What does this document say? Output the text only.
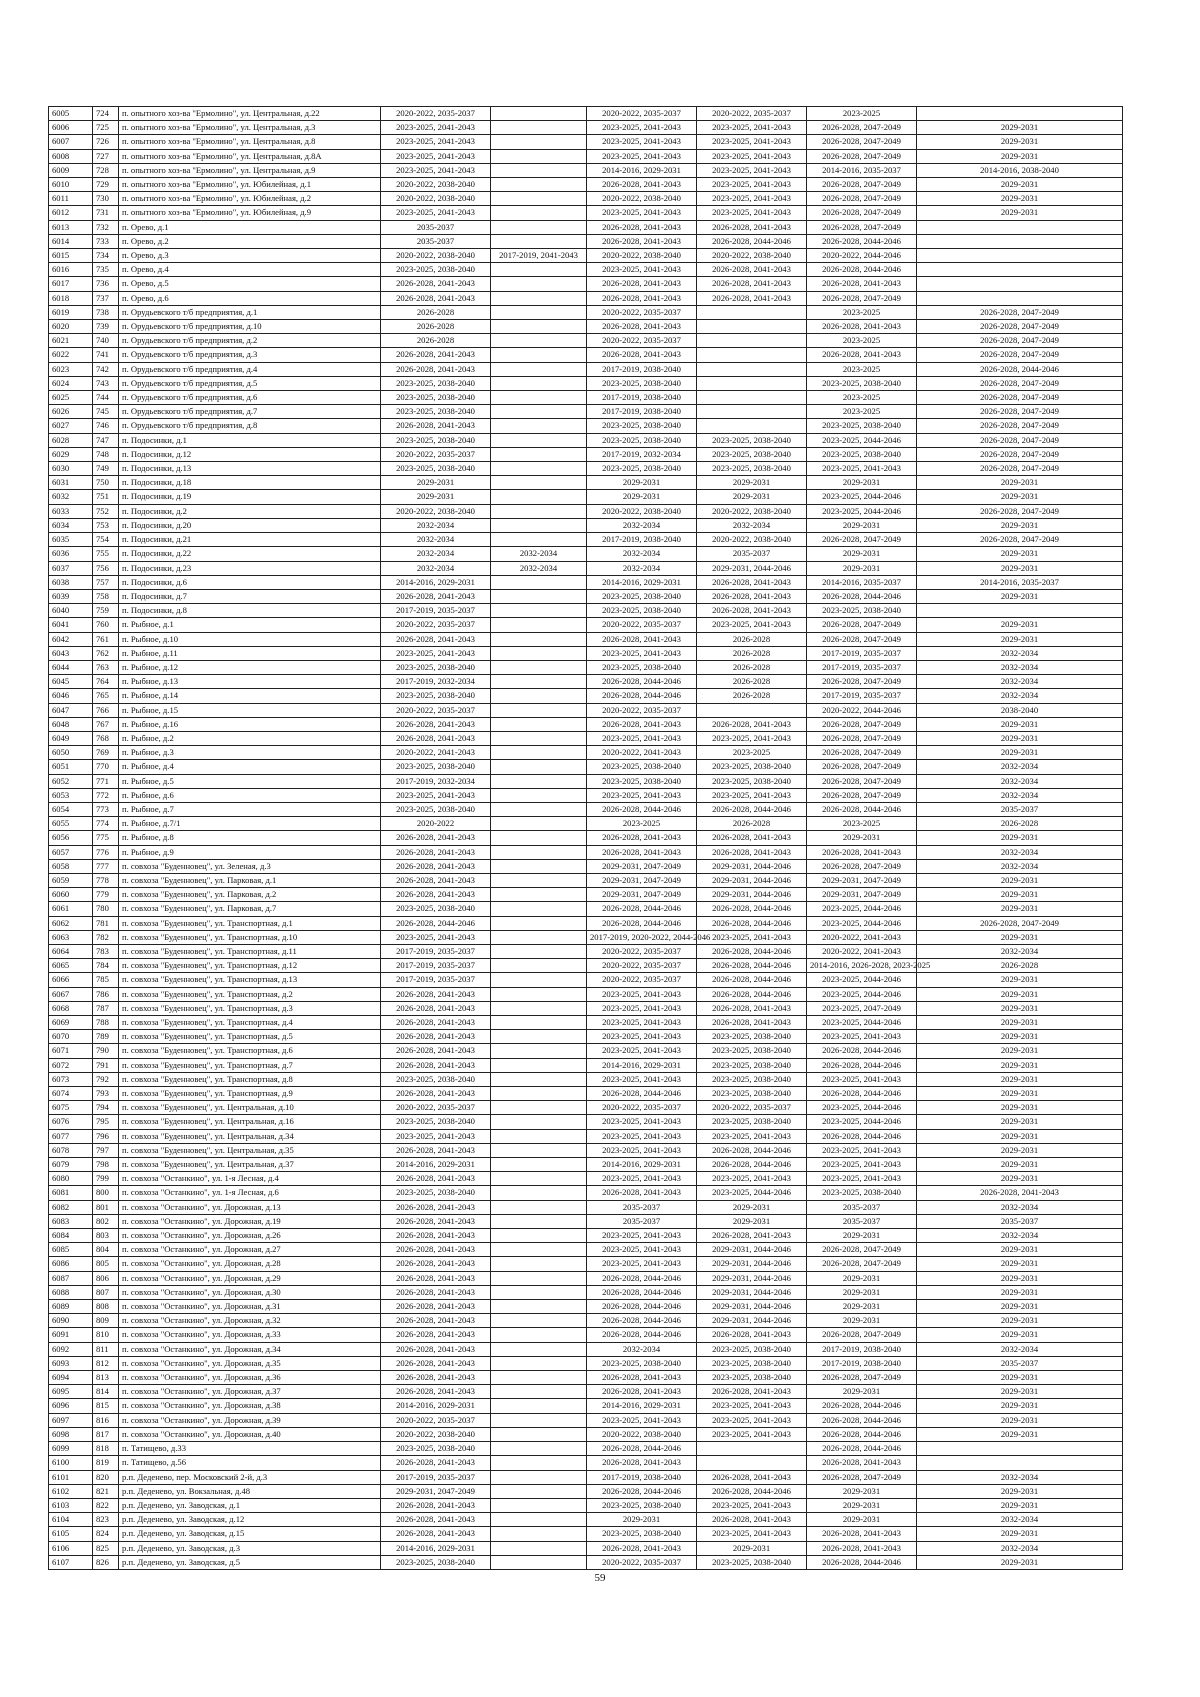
6005	724	п. опытного хоз-ва "Ермолино", ул. Центральная, д.22	2020-2022, 2035-2037		2020-2022, 2035-2037	2020-2022, 2035-2037	2023-2025	
6006	725	п. опытного хоз-ва "Ермолино", ул. Центральная, д.3	2023-2025, 2041-2043		2023-2025, 2041-2043	2023-2025, 2041-2043	2026-2028, 2047-2049	2029-2031
6007	726	п. опытного хоз-ва "Ермолино", ул. Центральная, д.8	2023-2025, 2041-2043		2023-2025, 2041-2043	2023-2025, 2041-2043	2026-2028, 2047-2049	2029-2031
6008	727	п. опытного хоз-ва "Ермолино", ул. Центральная, д.8А	2023-2025, 2041-2043		2023-2025, 2041-2043	2023-2025, 2041-2043	2026-2028, 2047-2049	2029-2031
6009	728	п. опытного хоз-ва "Ермолино", ул. Центральная, д.9	2023-2025, 2041-2043		2014-2016, 2029-2031	2023-2025, 2041-2043	2014-2016, 2035-2037	2014-2016, 2038-2040
6010	729	п. опытного хоз-ва "Ермолино", ул. Юбилейная, д.1	2020-2022, 2038-2040		2026-2028, 2041-2043	2023-2025, 2041-2043	2026-2028, 2047-2049	2029-2031
6011	730	п. опытного хоз-ва "Ермолино", ул. Юбилейная, д.2	2020-2022, 2038-2040		2020-2022, 2038-2040	2023-2025, 2041-2043	2026-2028, 2047-2049	2029-2031
6012	731	п. опытного хоз-ва "Ермолино", ул. Юбилейная, д.9	2023-2025, 2041-2043		2023-2025, 2041-2043	2023-2025, 2041-2043	2026-2028, 2047-2049	2029-2031
6013	732	п. Орево, д.1	2035-2037		2026-2028, 2041-2043	2026-2028, 2041-2043	2026-2028, 2047-2049	
6014	733	п. Орево, д.2	2035-2037		2026-2028, 2041-2043	2026-2028, 2044-2046	2026-2028, 2044-2046	
6015	734	п. Орево, д.3	2020-2022, 2038-2040	2017-2019, 2041-2043	2020-2022, 2038-2040	2020-2022, 2038-2040	2020-2022, 2044-2046	
6016	735	п. Орево, д.4	2023-2025, 2038-2040		2023-2025, 2041-2043	2026-2028, 2041-2043	2026-2028, 2044-2046	
6017	736	п. Орево, д.5	2026-2028, 2041-2043		2026-2028, 2041-2043	2026-2028, 2041-2043	2026-2028, 2041-2043	
6018	737	п. Орево, д.6	2026-2028, 2041-2043		2026-2028, 2041-2043	2026-2028, 2041-2043	2026-2028, 2047-2049	
6019	738	п. Орудьевского т/б предприятия, д.1	2026-2028		2020-2022, 2035-2037		2023-2025	2026-2028, 2047-2049
6020	739	п. Орудьевского т/б предприятия, д.10	2026-2028		2026-2028, 2041-2043		2026-2028, 2041-2043	2026-2028, 2047-2049
6021	740	п. Орудьевского т/б предприятия, д.2	2026-2028		2020-2022, 2035-2037		2023-2025	2026-2028, 2047-2049
6022	741	п. Орудьевского т/б предприятия, д.3	2026-2028, 2041-2043		2026-2028, 2041-2043		2026-2028, 2041-2043	2026-2028, 2047-2049
6023	742	п. Орудьевского т/б предприятия, д.4	2026-2028, 2041-2043		2017-2019, 2038-2040		2023-2025	2026-2028, 2044-2046
6024	743	п. Орудьевского т/б предприятия, д.5	2023-2025, 2038-2040		2023-2025, 2038-2040		2023-2025, 2038-2040	2026-2028, 2047-2049
6025	744	п. Орудьевского т/б предприятия, д.6	2023-2025, 2038-2040		2017-2019, 2038-2040		2023-2025	2026-2028, 2047-2049
6026	745	п. Орудьевского т/б предприятия, д.7	2023-2025, 2038-2040		2017-2019, 2038-2040		2023-2025	2026-2028, 2047-2049
6027	746	п. Орудьевского т/б предприятия, д.8	2026-2028, 2041-2043		2023-2025, 2038-2040		2023-2025, 2038-2040	2026-2028, 2047-2049
6028	747	п. Подосинки, д.1	2023-2025, 2038-2040		2023-2025, 2038-2040	2023-2025, 2038-2040	2023-2025, 2044-2046	2026-2028, 2047-2049
6029	748	п. Подосинки, д.12	2020-2022, 2035-2037		2017-2019, 2032-2034	2023-2025, 2038-2040	2023-2025, 2038-2040	2026-2028, 2047-2049
6030	749	п. Подосинки, д.13	2023-2025, 2038-2040		2023-2025, 2038-2040	2023-2025, 2038-2040	2023-2025, 2041-2043	2026-2028, 2047-2049
6031	750	п. Подосинки, д.18	2029-2031		2029-2031	2029-2031	2029-2031	2029-2031
6032	751	п. Подосинки, д.19	2029-2031		2029-2031	2029-2031	2023-2025, 2044-2046	2029-2031
6033	752	п. Подосинки, д.2	2020-2022, 2038-2040		2020-2022, 2038-2040	2020-2022, 2038-2040	2023-2025, 2044-2046	2026-2028, 2047-2049
6034	753	п. Подосинки, д.20	2032-2034		2032-2034	2032-2034	2029-2031	2029-2031
6035	754	п. Подосинки, д.21	2032-2034		2017-2019, 2038-2040	2020-2022, 2038-2040	2026-2028, 2047-2049	2026-2028, 2047-2049
6036	755	п. Подосинки, д.22	2032-2034	2032-2034	2032-2034	2035-2037	2029-2031	2029-2031
6037	756	п. Подосинки, д.23	2032-2034	2032-2034	2032-2034	2029-2031, 2044-2046	2029-2031	2029-2031
6038	757	п. Подосинки, д.6	2014-2016, 2029-2031		2014-2016, 2029-2031	2026-2028, 2041-2043	2014-2016, 2035-2037	2014-2016, 2035-2037
6039	758	п. Подосинки, д.7	2026-2028, 2041-2043		2023-2025, 2038-2040	2026-2028, 2041-2043	2026-2028, 2044-2046	2029-2031
6040	759	п. Подосинки, д.8	2017-2019, 2035-2037		2023-2025, 2038-2040	2026-2028, 2041-2043	2023-2025, 2038-2040	
6041	760	п. Рыбное, д.1	2020-2022, 2035-2037		2020-2022, 2035-2037	2023-2025, 2041-2043	2026-2028, 2047-2049	2029-2031
6042	761	п. Рыбное, д.10	2026-2028, 2041-2043		2026-2028, 2041-2043	2026-2028	2026-2028, 2047-2049	2029-2031
6043	762	п. Рыбное, д.11	2023-2025, 2041-2043		2023-2025, 2041-2043	2026-2028	2017-2019, 2035-2037	2032-2034
6044	763	п. Рыбное, д.12	2023-2025, 2038-2040		2023-2025, 2038-2040	2026-2028	2017-2019, 2035-2037	2032-2034
6045	764	п. Рыбное, д.13	2017-2019, 2032-2034		2026-2028, 2044-2046	2026-2028	2026-2028, 2047-2049	2032-2034
6046	765	п. Рыбное, д.14	2023-2025, 2038-2040		2026-2028, 2044-2046	2026-2028	2017-2019, 2035-2037	2032-2034
6047	766	п. Рыбное, д.15	2020-2022, 2035-2037		2020-2022, 2035-2037		2020-2022, 2044-2046	2038-2040
6048	767	п. Рыбное, д.16	2026-2028, 2041-2043		2026-2028, 2041-2043	2026-2028, 2041-2043	2026-2028, 2047-2049	2029-2031
6049	768	п. Рыбное, д.2	2026-2028, 2041-2043		2023-2025, 2041-2043	2023-2025, 2041-2043	2026-2028, 2047-2049	2029-2031
6050	769	п. Рыбное, д.3	2020-2022, 2041-2043		2020-2022, 2041-2043	2023-2025	2026-2028, 2047-2049	2029-2031
6051	770	п. Рыбное, д.4	2023-2025, 2038-2040		2023-2025, 2038-2040	2023-2025, 2038-2040	2026-2028, 2047-2049	2032-2034
6052	771	п. Рыбное, д.5	2017-2019, 2032-2034		2023-2025, 2038-2040	2023-2025, 2038-2040	2026-2028, 2047-2049	2032-2034
6053	772	п. Рыбное, д.6	2023-2025, 2041-2043		2023-2025, 2041-2043	2023-2025, 2041-2043	2026-2028, 2047-2049	2032-2034
6054	773	п. Рыбное, д.7	2023-2025, 2038-2040		2026-2028, 2044-2046	2026-2028, 2044-2046	2026-2028, 2044-2046	2035-2037
6055	774	п. Рыбное, д.7/1	2020-2022		2023-2025	2026-2028	2023-2025	2026-2028
6056	775	п. Рыбное, д.8	2026-2028, 2041-2043		2026-2028, 2041-2043	2026-2028, 2041-2043	2029-2031	2029-2031
6057	776	п. Рыбное, д.9	2026-2028, 2041-2043		2026-2028, 2041-2043	2026-2028, 2041-2043	2026-2028, 2041-2043	2032-2034
6058	777	п. совхоза "Буденновец", ул. Зеленая, д.3	2026-2028, 2041-2043		2029-2031, 2047-2049	2029-2031, 2044-2046	2026-2028, 2047-2049	2032-2034
6059	778	п. совхоза "Буденновец", ул. Парковая, д.1	2026-2028, 2041-2043		2029-2031, 2047-2049	2029-2031, 2044-2046	2029-2031, 2047-2049	2029-2031
6060	779	п. совхоза "Буденновец", ул. Парковая, д.2	2026-2028, 2041-2043		2029-2031, 2047-2049	2029-2031, 2044-2046	2029-2031, 2047-2049	2029-2031
6061	780	п. совхоза "Буденновец", ул. Парковая, д.7	2023-2025, 2038-2040		2026-2028, 2044-2046	2026-2028, 2044-2046	2023-2025, 2044-2046	2029-2031
6062	781	п. совхоза "Буденновец", ул. Транспортная, д.1	2026-2028, 2044-2046		2026-2028, 2044-2046	2026-2028, 2044-2046	2023-2025, 2044-2046	2026-2028, 2047-2049
6063	782	п. совхоза "Буденновец", ул. Транспортная, д.10	2023-2025, 2041-2043		2017-2019, 2020-2022, 2044-2046	2023-2025, 2041-2043	2020-2022, 2041-2043	2029-2031
6064	783	п. совхоза "Буденновец", ул. Транспортная, д.11	2017-2019, 2035-2037		2020-2022, 2035-2037	2026-2028, 2044-2046	2020-2022, 2041-2043	2032-2034
6065	784	п. совхоза "Буденновец", ул. Транспортная, д.12	2017-2019, 2035-2037		2020-2022, 2035-2037	2026-2028, 2044-2046	2014-2016, 2026-2028, 2023-2025	2026-2028
6066	785	п. совхоза "Буденновец", ул. Транспортная, д.13	2017-2019, 2035-2037		2020-2022, 2035-2037	2026-2028, 2044-2046	2023-2025, 2044-2046	2029-2031
6067	786	п. совхоза "Буденновец", ул. Транспортная, д.2	2026-2028, 2041-2043		2023-2025, 2041-2043	2026-2028, 2044-2046	2023-2025, 2044-2046	2029-2031
6068	787	п. совхоза "Буденновец", ул. Транспортная, д.3	2026-2028, 2041-2043		2023-2025, 2041-2043	2026-2028, 2041-2043	2023-2025, 2047-2049	2029-2031
6069	788	п. совхоза "Буденновец", ул. Транспортная, д.4	2026-2028, 2041-2043		2023-2025, 2041-2043	2026-2028, 2041-2043	2023-2025, 2044-2046	2029-2031
6070	789	п. совхоза "Буденновец", ул. Транспортная, д.5	2026-2028, 2041-2043		2023-2025, 2041-2043	2023-2025, 2038-2040	2023-2025, 2041-2043	2029-2031
6071	790	п. совхоза "Буденновец", ул. Транспортная, д.6	2026-2028, 2041-2043		2023-2025, 2041-2043	2023-2025, 2038-2040	2026-2028, 2044-2046	2029-2031
6072	791	п. совхоза "Буденновец", ул. Транспортная, д.7	2026-2028, 2041-2043		2014-2016, 2029-2031	2023-2025, 2038-2040	2026-2028, 2044-2046	2029-2031
6073	792	п. совхоза "Буденновец", ул. Транспортная, д.8	2023-2025, 2038-2040		2023-2025, 2041-2043	2023-2025, 2038-2040	2023-2025, 2041-2043	2029-2031
6074	793	п. совхоза "Буденновец", ул. Транспортная, д.9	2026-2028, 2041-2043		2026-2028, 2044-2046	2023-2025, 2038-2040	2026-2028, 2044-2046	2029-2031
6075	794	п. совхоза "Буденновец", ул. Центральная, д.10	2020-2022, 2035-2037		2020-2022, 2035-2037	2020-2022, 2035-2037	2023-2025, 2044-2046	2029-2031
6076	795	п. совхоза "Буденновец", ул. Центральная, д.16	2023-2025, 2038-2040		2023-2025, 2041-2043	2023-2025, 2038-2040	2023-2025, 2044-2046	2029-2031
6077	796	п. совхоза "Буденновец", ул. Центральная, д.34	2023-2025, 2041-2043		2023-2025, 2041-2043	2023-2025, 2041-2043	2026-2028, 2044-2046	2029-2031
6078	797	п. совхоза "Буденновец", ул. Центральная, д.35	2026-2028, 2041-2043		2023-2025, 2041-2043	2026-2028, 2044-2046	2023-2025, 2041-2043	2029-2031
6079	798	п. совхоза "Буденновец", ул. Центральная, д.37	2014-2016, 2029-2031		2014-2016, 2029-2031	2026-2028, 2044-2046	2023-2025, 2041-2043	2029-2031
6080	799	п. совхоза "Останкино", ул. 1-я Лесная, д.4	2026-2028, 2041-2043		2023-2025, 2041-2043	2023-2025, 2041-2043	2023-2025, 2041-2043	2029-2031
6081	800	п. совхоза "Останкино", ул. 1-я Лесная, д.6	2023-2025, 2038-2040		2026-2028, 2041-2043	2023-2025, 2044-2046	2023-2025, 2038-2040	2026-2028, 2041-2043
6082	801	п. совхоза "Останкино", ул. Дорожная, д.13	2026-2028, 2041-2043		2035-2037	2029-2031	2035-2037	2032-2034
6083	802	п. совхоза "Останкино", ул. Дорожная, д.19	2026-2028, 2041-2043		2035-2037	2029-2031	2035-2037	2035-2037
6084	803	п. совхоза "Останкино", ул. Дорожная, д.26	2026-2028, 2041-2043		2023-2025, 2041-2043	2026-2028, 2041-2043	2029-2031	2032-2034
6085	804	п. совхоза "Останкино", ул. Дорожная, д.27	2026-2028, 2041-2043		2023-2025, 2041-2043	2029-2031, 2044-2046	2026-2028, 2047-2049	2029-2031
6086	805	п. совхоза "Останкино", ул. Дорожная, д.28	2026-2028, 2041-2043		2023-2025, 2041-2043	2029-2031, 2044-2046	2026-2028, 2047-2049	2029-2031
6087	806	п. совхоза "Останкино", ул. Дорожная, д.29	2026-2028, 2041-2043		2026-2028, 2044-2046	2029-2031, 2044-2046	2029-2031	2029-2031
6088	807	п. совхоза "Останкино", ул. Дорожная, д.30	2026-2028, 2041-2043		2026-2028, 2044-2046	2029-2031, 2044-2046	2029-2031	2029-2031
6089	808	п. совхоза "Останкино", ул. Дорожная, д.31	2026-2028, 2041-2043		2026-2028, 2044-2046	2029-2031, 2044-2046	2029-2031	2029-2031
6090	809	п. совхоза "Останкино", ул. Дорожная, д.32	2026-2028, 2041-2043		2026-2028, 2044-2046	2029-2031, 2044-2046	2029-2031	2029-2031
6091	810	п. совхоза "Останкино", ул. Дорожная, д.33	2026-2028, 2041-2043		2026-2028, 2044-2046	2026-2028, 2041-2043	2026-2028, 2047-2049	2029-2031
6092	811	п. совхоза "Останкино", ул. Дорожная, д.34	2026-2028, 2041-2043		2032-2034	2023-2025, 2038-2040	2017-2019, 2038-2040	2032-2034
6093	812	п. совхоза "Останкино", ул. Дорожная, д.35	2026-2028, 2041-2043		2023-2025, 2038-2040	2023-2025, 2038-2040	2017-2019, 2038-2040	2035-2037
6094	813	п. совхоза "Останкино", ул. Дорожная, д.36	2026-2028, 2041-2043		2026-2028, 2041-2043	2023-2025, 2038-2040	2026-2028, 2047-2049	2029-2031
6095	814	п. совхоза "Останкино", ул. Дорожная, д.37	2026-2028, 2041-2043		2026-2028, 2041-2043	2026-2028, 2041-2043	2029-2031	2029-2031
6096	815	п. совхоза "Останкино", ул. Дорожная, д.38	2014-2016, 2029-2031		2014-2016, 2029-2031	2023-2025, 2041-2043	2026-2028, 2044-2046	2029-2031
6097	816	п. совхоза "Останкино", ул. Дорожная, д.39	2020-2022, 2035-2037		2023-2025, 2041-2043	2023-2025, 2041-2043	2026-2028, 2044-2046	2029-2031
6098	817	п. совхоза "Останкино", ул. Дорожная, д.40	2020-2022, 2038-2040		2020-2022, 2038-2040	2023-2025, 2041-2043	2026-2028, 2044-2046	2029-2031
6099	818	п. Татищево, д.33	2023-2025, 2038-2040		2026-2028, 2044-2046		2026-2028, 2044-2046	
6100	819	п. Татищево, д.56	2026-2028, 2041-2043		2026-2028, 2041-2043		2026-2028, 2041-2043	
6101	820	р.п. Деденево, пер. Московский 2-й, д.3	2017-2019, 2035-2037		2017-2019, 2038-2040	2026-2028, 2041-2043	2026-2028, 2047-2049	2032-2034
6102	821	р.п. Деденево, ул. Вокзальная, д.48	2029-2031, 2047-2049		2026-2028, 2044-2046	2026-2028, 2044-2046	2029-2031	2029-2031
6103	822	р.п. Деденево, ул. Заводская, д.1	2026-2028, 2041-2043		2023-2025, 2038-2040	2023-2025, 2041-2043	2029-2031	2029-2031
6104	823	р.п. Деденево, ул. Заводская, д.12	2026-2028, 2041-2043		2029-2031	2026-2028, 2041-2043	2029-2031	2032-2034
6105	824	р.п. Деденево, ул. Заводская, д.15	2026-2028, 2041-2043		2023-2025, 2038-2040	2023-2025, 2041-2043	2026-2028, 2041-2043	2029-2031
6106	825	р.п. Деденево, ул. Заводская, д.3	2014-2016, 2029-2031		2026-2028, 2041-2043	2029-2031	2026-2028, 2041-2043	2032-2034
6107	826	р.п. Деденево, ул. Заводская, д.5	2023-2025, 2038-2040		2020-2022, 2035-2037	2023-2025, 2038-2040	2026-2028, 2044-2046	2029-2031
59
